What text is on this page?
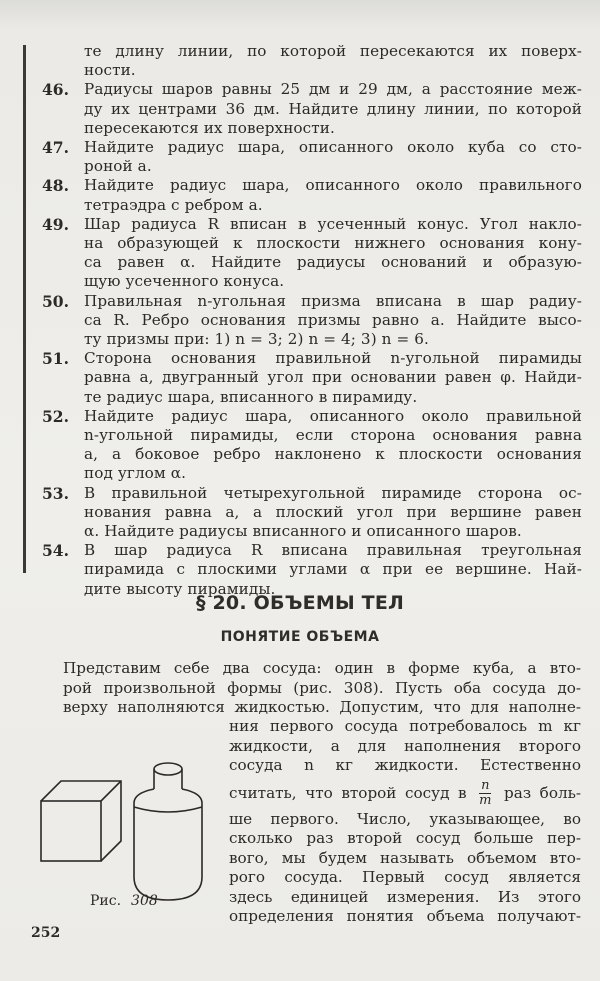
те длину линии, по которой пересекаются их поверх-
ности.
46. Радиусы шаров равны 25 дм и 29 дм, а расстояние меж-
ду их центрами 36 дм. Найдите длину линии, по которой
пересекаются их поверхности.
47. Найдите радиус шара, описанного около куба со сто-
роной a.
48. Найдите радиус шара, описанного около правильного
тетраэдра с ребром a.
49. Шар радиуса R вписан в усеченный конус. Угол накло-
на образующей к плоскости нижнего основания кону-
са равен α. Найдите радиусы оснований и образую-
щую усеченного конуса.
50. Правильная n-угольная призма вписана в шар радиу-
са R. Ребро основания призмы равно a. Найдите высо-
ту призмы при: 1) n = 3; 2) n = 4; 3) n = 6.
51. Сторона основания правильной n-угольной пирамиды
равна a, двугранный угол при основании равен φ. Найди-
те радиус шара, вписанного в пирамиду.
52. Найдите радиус шара, описанного около правильной
n-угольной пирамиды, если сторона основания равна
a, а боковое ребро наклонено к плоскости основания
под углом α.
53. В правильной четырехугольной пирамиде сторона ос-
нования равна a, а плоский угол при вершине равен
α. Найдите радиусы вписанного и описанного шаров.
54. В шар радиуса R вписана правильная треугольная
пирамида с плоскими углами α при ее вершине. Най-
дите высоту пирамиды.
§ 20. ОБЪЕМЫ ТЕЛ
ПОНЯТИЕ ОБЪЕМА
Представим себе два сосуда: один в форме куба, а вто-
рой произвольной формы (рис. 308). Пусть оба сосуда до-
верху наполняются жидкостью. Допустим, что для наполне-
ния первого сосуда потребовалось m кг
жидкости, а для наполнения второго
сосуда n кг жидкости. Естественно
считать, что второй сосуд в $\frac{n}{m}$ раз боль-
ше первого. Число, указывающее, во
сколько раз второй сосуд больше пер-
вого, мы будем называть объемом вто-
рого сосуда. Первый сосуд является
здесь единицей измерения. Из этого
определения понятия объема получают-
Рис. 308
252
